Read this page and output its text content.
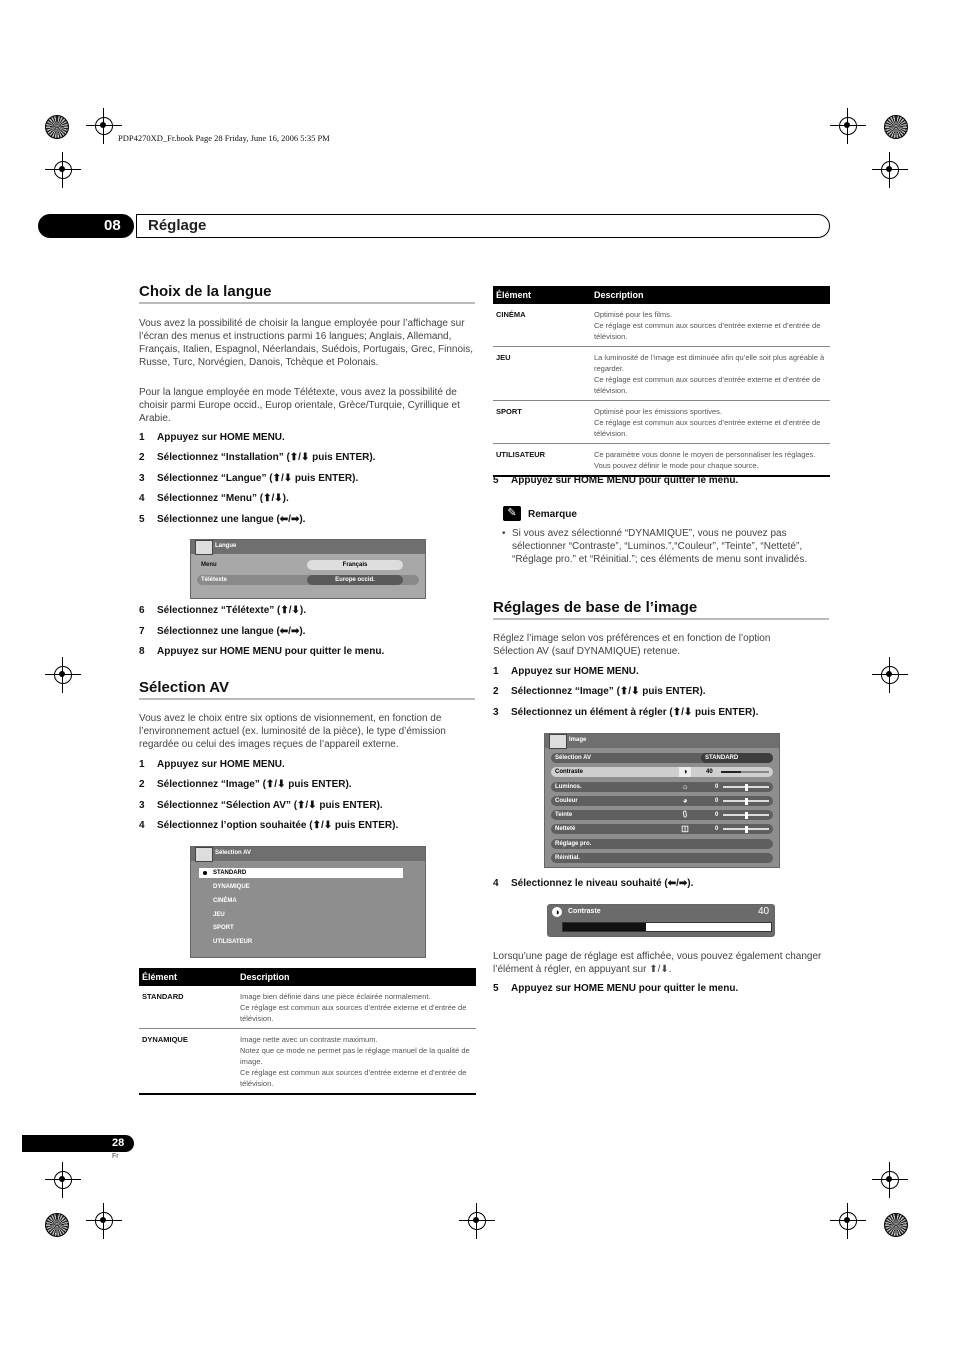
PDP4270XD_Fr.book Page 28 Friday, June 16, 2006 5:35 PM
08 Réglage
Choix de la langue
Vous avez la possibilité de choisir la langue employée pour l’affichage sur l’écran des menus et instructions parmi 16 langues; Anglais, Allemand, Français, Italien, Espagnol, Néerlandais, Suédois, Portugais, Grec, Finnois, Russe, Turc, Norvégien, Danois, Tchèque et Polonais.
Pour la langue employée en mode Télétexte, vous avez la possibilité de choisir parmi Europe occid., Europ orientale, Grèce/Turquie, Cyrillique et Arabie.
1 Appuyez sur HOME MENU.
2 Sélectionnez “Installation” (⬆/⬇ puis ENTER).
3 Sélectionnez “Langue” (⬆/⬇ puis ENTER).
4 Sélectionnez “Menu” (⬆/⬇).
5 Sélectionnez une langue (⬅/➡).
Langue
Menu	Français
Télétexte	Europe occid.
6 Sélectionnez “Télétexte” (⬆/⬇).
7 Sélectionnez une langue (⬅/➡).
8 Appuyez sur HOME MENU pour quitter le menu.
Sélection AV
Vous avez le choix entre six options de visionnement, en fonction de l’environnement actuel (ex. luminosité de la pièce), le type d’émission regardée ou celui des images reçues de l’appareil externe.
1 Appuyez sur HOME MENU.
2 Sélectionnez “Image” (⬆/⬇ puis ENTER).
3 Sélectionnez “Sélection AV” (⬆/⬇ puis ENTER).
4 Sélectionnez l’option souhaitée (⬆/⬇ puis ENTER).
Sélection AV
STANDARD
DYNAMIQUE
CINÉMA
JEU
SPORT
UTILISATEUR
Élément	Description
STANDARD	Image bien définie dans une pièce éclairée normalement.
Ce réglage est commun aux sources d’entrée externe et d’entrée de télévision.

DYNAMIQUE	Image nette avec un contraste maximum.
Notez que ce mode ne permet pas le réglage manuel de la qualité de image.
Ce réglage est commun aux sources d’entrée externe et d’entrée de télévision.
28
Fr
Élément	Description
CINÉMA	Optimisé pour les films.
Ce réglage est commun aux sources d’entrée externe et d’entrée de télévision.

JEU	La luminosité de l’image est diminuée afin qu’elle soit plus agréable à regarder.
Ce réglage est commun aux sources d’entrée externe et d’entrée de télévision.

SPORT	Optimisé pour les émissions sportives.
Ce réglage est commun aux sources d’entrée externe et d’entrée de télévision.

UTILISATEUR	Ce paramètre vous donne le moyen de personnaliser les réglages. Vous pouvez définir le mode pour chaque source.
5 Appuyez sur HOME MENU pour quitter le menu.
✎	Remarque
• Si vous avez sélectionné “DYNAMIQUE”, vous ne pouvez pas sélectionner “Contraste”, “Luminos.”,“Couleur”, “Teinte”, “Netteté”, “Réglage pro.” et “Réinitial.”; ces éléments de menu sont invalidés.
Réglages de base de l’image
Réglez l’image selon vos préférences et en fonction de l’option Sélection AV (sauf DYNAMIQUE) retenue.
1 Appuyez sur HOME MENU.
2 Sélectionnez “Image” (⬆/⬇ puis ENTER).
3 Sélectionnez un élément à régler (⬆/⬇ puis ENTER).
Image
Sélection AV	STANDARD
Contraste	◑	40
Luminos.	☼	0
Couleur	◕	0
Teinte	⩇	0
Netteté	◫	0
Réglage pro.
Réinitial.
4 Sélectionnez le niveau souhaité (⬅/➡).
◑	Contraste	40
Lorsqu’une page de réglage est affichée, vous pouvez également changer l’élément à régler, en appuyant sur ⬆/⬇.
5 Appuyez sur HOME MENU pour quitter le menu.
